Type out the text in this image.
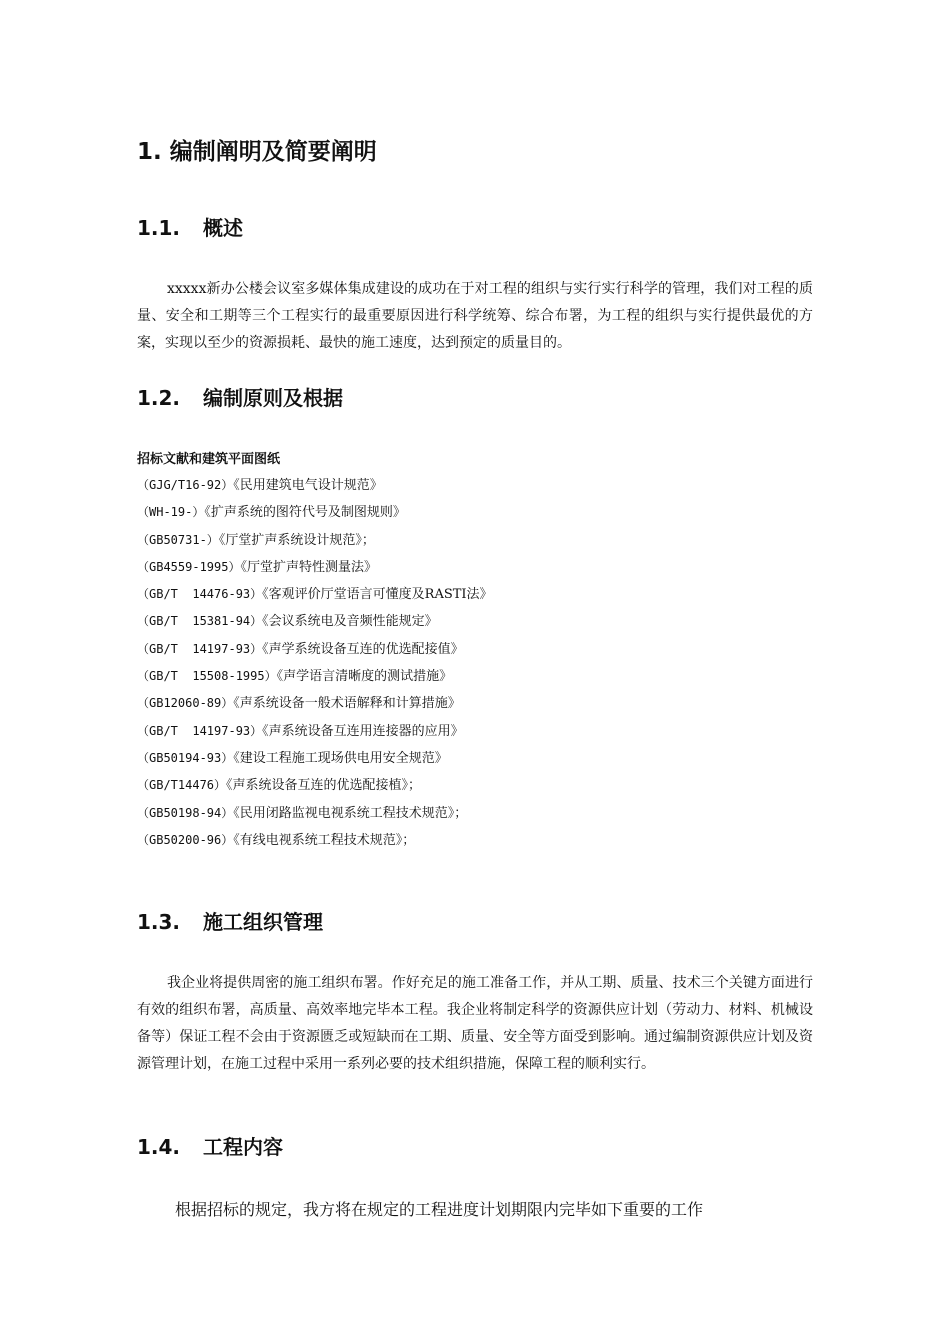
1. 编制阐明及简要阐明
1.1. 概述
xxxxx新办公楼会议室多媒体集成建设的成功在于对工程的组织与实行实行科学的管理，我们对工程的质量、安全和工期等三个工程实行的最重要原因进行科学统筹、综合布署，为工程的组织与实行提供最优的方案，实现以至少的资源损耗、最快的施工速度，达到预定的质量目的。
1.2. 编制原则及根据
招标文献和建筑平面图纸
（GJG/T16-92）《民用建筑电气设计规范》
（WH-19-）《扩声系统的图符代号及制图规则》
（GB50731-）《厅堂扩声系统设计规范》；
（GB4559-1995）《厅堂扩声特性测量法》
（GB/T  14476-93）《客观评价厅堂语言可懂度及RASTI法》
（GB/T  15381-94）《会议系统电及音频性能规定》
（GB/T  14197-93）《声学系统设备互连的优选配接值》
（GB/T  15508-1995）《声学语言清晰度的测试措施》
（GB12060-89）《声系统设备一般术语解释和计算措施》
（GB/T  14197-93）《声系统设备互连用连接器的应用》
（GB50194-93）《建设工程施工现场供电用安全规范》
（GB/T14476）《声系统设备互连的优选配接植》；
（GB50198-94）《民用闭路监视电视系统工程技术规范》；
（GB50200-96）《有线电视系统工程技术规范》；
1.3. 施工组织管理
我企业将提供周密的施工组织布署。作好充足的施工准备工作，并从工期、质量、技术三个关键方面进行有效的组织布署，高质量、高效率地完毕本工程。我企业将制定科学的资源供应计划（劳动力、材料、机械设备等）保证工程不会由于资源匮乏或短缺而在工期、质量、安全等方面受到影响。通过编制资源供应计划及资源管理计划，在施工过程中采用一系列必要的技术组织措施，保障工程的顺利实行。
1.4. 工程内容
根据招标的规定，我方将在规定的工程进度计划期限内完毕如下重要的工作
